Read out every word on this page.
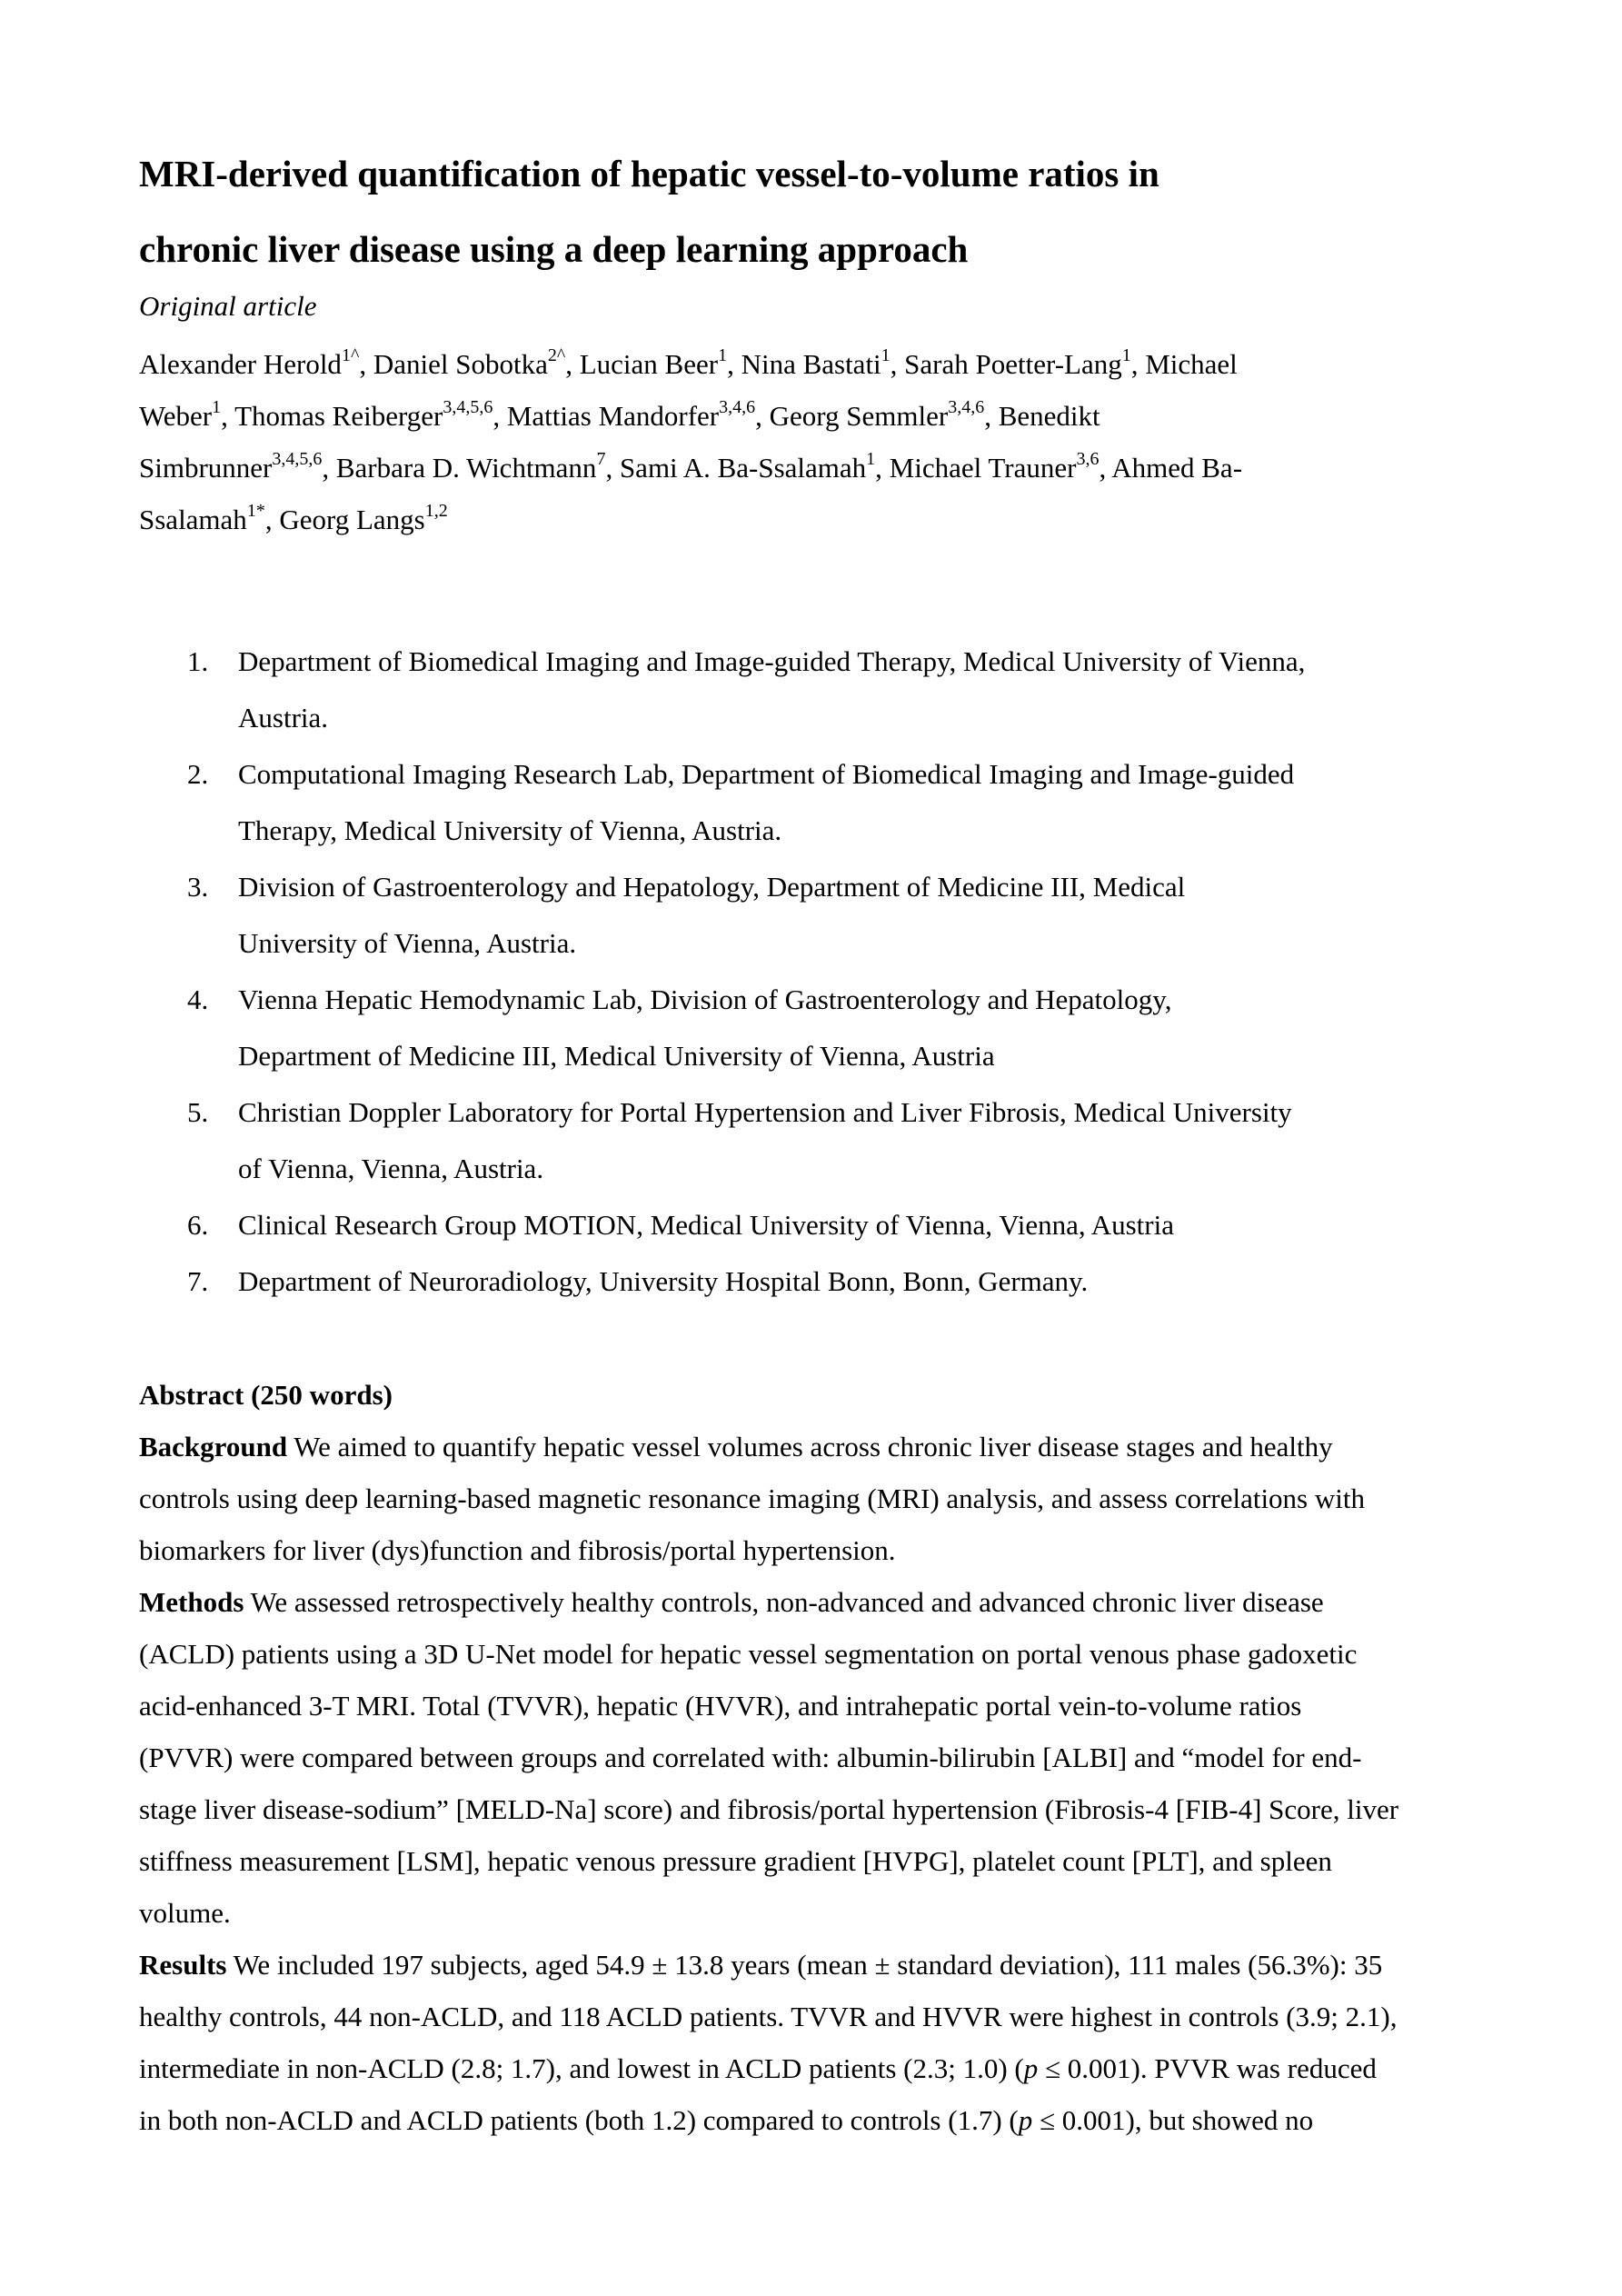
MRI-derived quantification of hepatic vessel-to-volume ratios in
chronic liver disease using a deep learning approach
Original article
Alexander Herold$^{1\^{}}$, Daniel Sobotka$^{2\^{}}$, Lucian Beer$^1$, Nina Bastati$^1$, Sarah Poetter-Lang$^1$, Michael
Weber$^1$, Thomas Reiberger$^{3,4,5,6}$, Mattias Mandorfer$^{3,4,6}$, Georg Semmler$^{3,4,6}$, Benedikt
Simbrunner$^{3,4,5,6}$, Barbara D. Wichtmann$^7$, Sami A. Ba-Ssalamah$^1$, Michael Trauner$^{3,6}$, Ahmed Ba-
Ssalamah$^{1*}$, Georg Langs$^{1,2}$
1. Department of Biomedical Imaging and Image-guided Therapy, Medical University of Vienna,
Austria.
2. Computational Imaging Research Lab, Department of Biomedical Imaging and Image-guided
Therapy, Medical University of Vienna, Austria.
3. Division of Gastroenterology and Hepatology, Department of Medicine III, Medical
University of Vienna, Austria.
4. Vienna Hepatic Hemodynamic Lab, Division of Gastroenterology and Hepatology,
Department of Medicine III, Medical University of Vienna, Austria
5. Christian Doppler Laboratory for Portal Hypertension and Liver Fibrosis, Medical University
of Vienna, Vienna, Austria.
6. Clinical Research Group MOTION, Medical University of Vienna, Vienna, Austria
7. Department of Neuroradiology, University Hospital Bonn, Bonn, Germany.
Abstract (250 words)
Background We aimed to quantify hepatic vessel volumes across chronic liver disease stages and healthy
controls using deep learning-based magnetic resonance imaging (MRI) analysis, and assess correlations with
biomarkers for liver (dys)function and fibrosis/portal hypertension.
Methods We assessed retrospectively healthy controls, non-advanced and advanced chronic liver disease
(ACLD) patients using a 3D U-Net model for hepatic vessel segmentation on portal venous phase gadoxetic
acid-enhanced 3-T MRI. Total (TVVR), hepatic (HVVR), and intrahepatic portal vein-to-volume ratios
(PVVR) were compared between groups and correlated with: albumin-bilirubin [ALBI] and “model for end-
stage liver disease-sodium” [MELD-Na] score) and fibrosis/portal hypertension (Fibrosis-4 [FIB-4] Score, liver
stiffness measurement [LSM], hepatic venous pressure gradient [HVPG], platelet count [PLT], and spleen
volume.
Results We included 197 subjects, aged 54.9 ± 13.8 years (mean ± standard deviation), 111 males (56.3%): 35
healthy controls, 44 non-ACLD, and 118 ACLD patients. TVVR and HVVR were highest in controls (3.9; 2.1),
intermediate in non-ACLD (2.8; 1.7), and lowest in ACLD patients (2.3; 1.0) (p ≤ 0.001). PVVR was reduced
in both non-ACLD and ACLD patients (both 1.2) compared to controls (1.7) (p ≤ 0.001), but showed no
